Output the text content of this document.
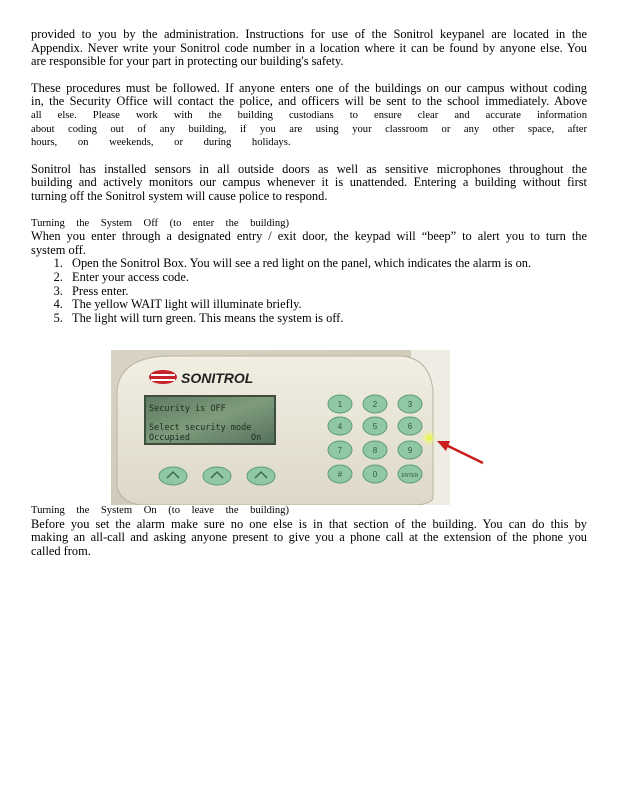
provided to you by the administration. Instructions for use of the Sonitrol keypanel are located in the

Appendix. Never write your Sonitrol code number in a location where it can be found by anyone else. You

are responsible for your part in protecting our building's safety.

These procedures must be followed. If anyone enters one of the buildings on our campus without coding

in, the Security Office will contact the police, and officers will be sent to the school immediately. Above

all else. Please work with the building custodians to ensure clear and accurate information

about coding out of any building, if you are using your classroom or any other space, after

hours, on weekends, or during holidays.

Sonitrol has installed sensors in all outside doors as well as sensitive microphones throughout the

building and actively monitors our campus whenever it is unattended. Entering a building without first

turning off the Sonitrol system will cause police to respond.

Turning the System Off (to enter the building)

When you enter through a designated entry / exit door, the keypad will “beep” to alert you to turn the

system off.

1. Open the Sonitrol Box. You will see a red light on the panel, which indicates the alarm is on.
2. Enter your access code.
3. Press enter.
4. The yellow WAIT light will illuminate briefly.
5. The light will turn green. This means the system is off.

Turning the System On (to leave the building)

Before you set the alarm make sure no one else is in that section of the building. You can do this by

making an all-call and asking anyone present to give you a phone call at the extension of the phone you

called from.

SONITROL
Security is OFF
Select security mode
Occupied	On
1	2	3
4	5	6
7	8	9
#	0	ENTER
